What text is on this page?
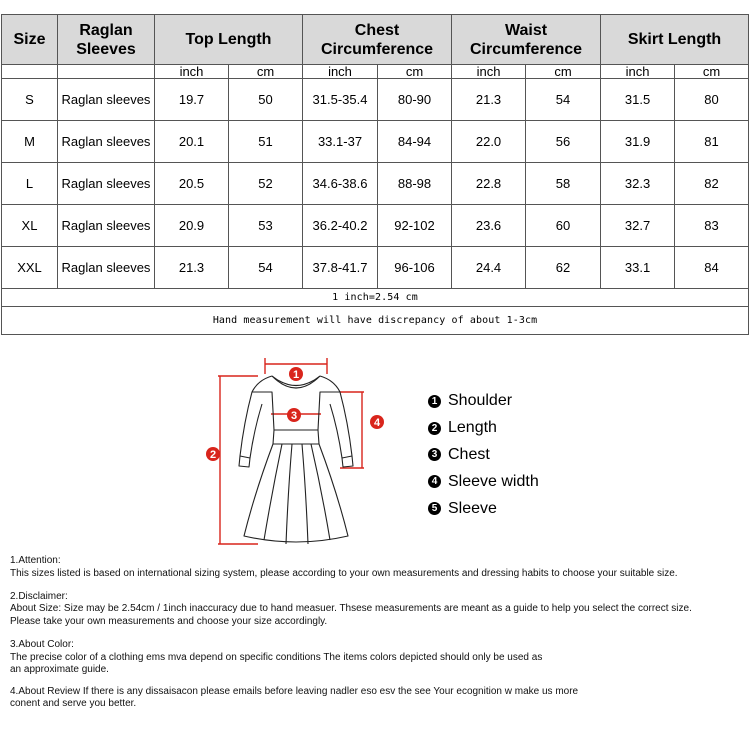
Size	Raglan Sleeves	Top Length		Chest Circumference		Waist Circumference		Skirt Length	
		inch	cm	inch	cm	inch	cm	inch	cm
S	Raglan sleeves	19.7	50	31.5-35.4	80-90	21.3	54	31.5	80
M	Raglan sleeves	20.1	51	33.1-37	84-94	22.0	56	31.9	81
L	Raglan sleeves	20.5	52	34.6-38.6	88-98	22.8	58	32.3	82
XL	Raglan sleeves	20.9	53	36.2-40.2	92-102	23.6	60	32.7	83
XXL	Raglan sleeves	21.3	54	37.8-41.7	96-106	24.4	62	33.1	84
1 inch=2.54 cm									
Hand measurement will have discrepancy of about 1-3cm									
1
3
2
4
1 Shoulder
2 Length
3 Chest
4 Sleeve width
5 Sleeve
1.Attention:
This sizes listed is based on international sizing system, please according to your own measurements and dressing habits to choose your suitable size.
2.Disclaimer:
About Size: Size may be 2.54cm / 1inch inaccuracy due to hand measuer. Thsese measurements are meant as a guide to help you select the correct size.
Please take your own measurements and choose your size accordingly.
3.About Color:
The precise color of a clothing ems mva depend on specific conditions The items colors depicted should only be used as
an approximate guide.
4.About Review If there is any dissaisacon please emails before leaving nadler eso esv the see Your ecognition w make us more
conent and serve you better.
